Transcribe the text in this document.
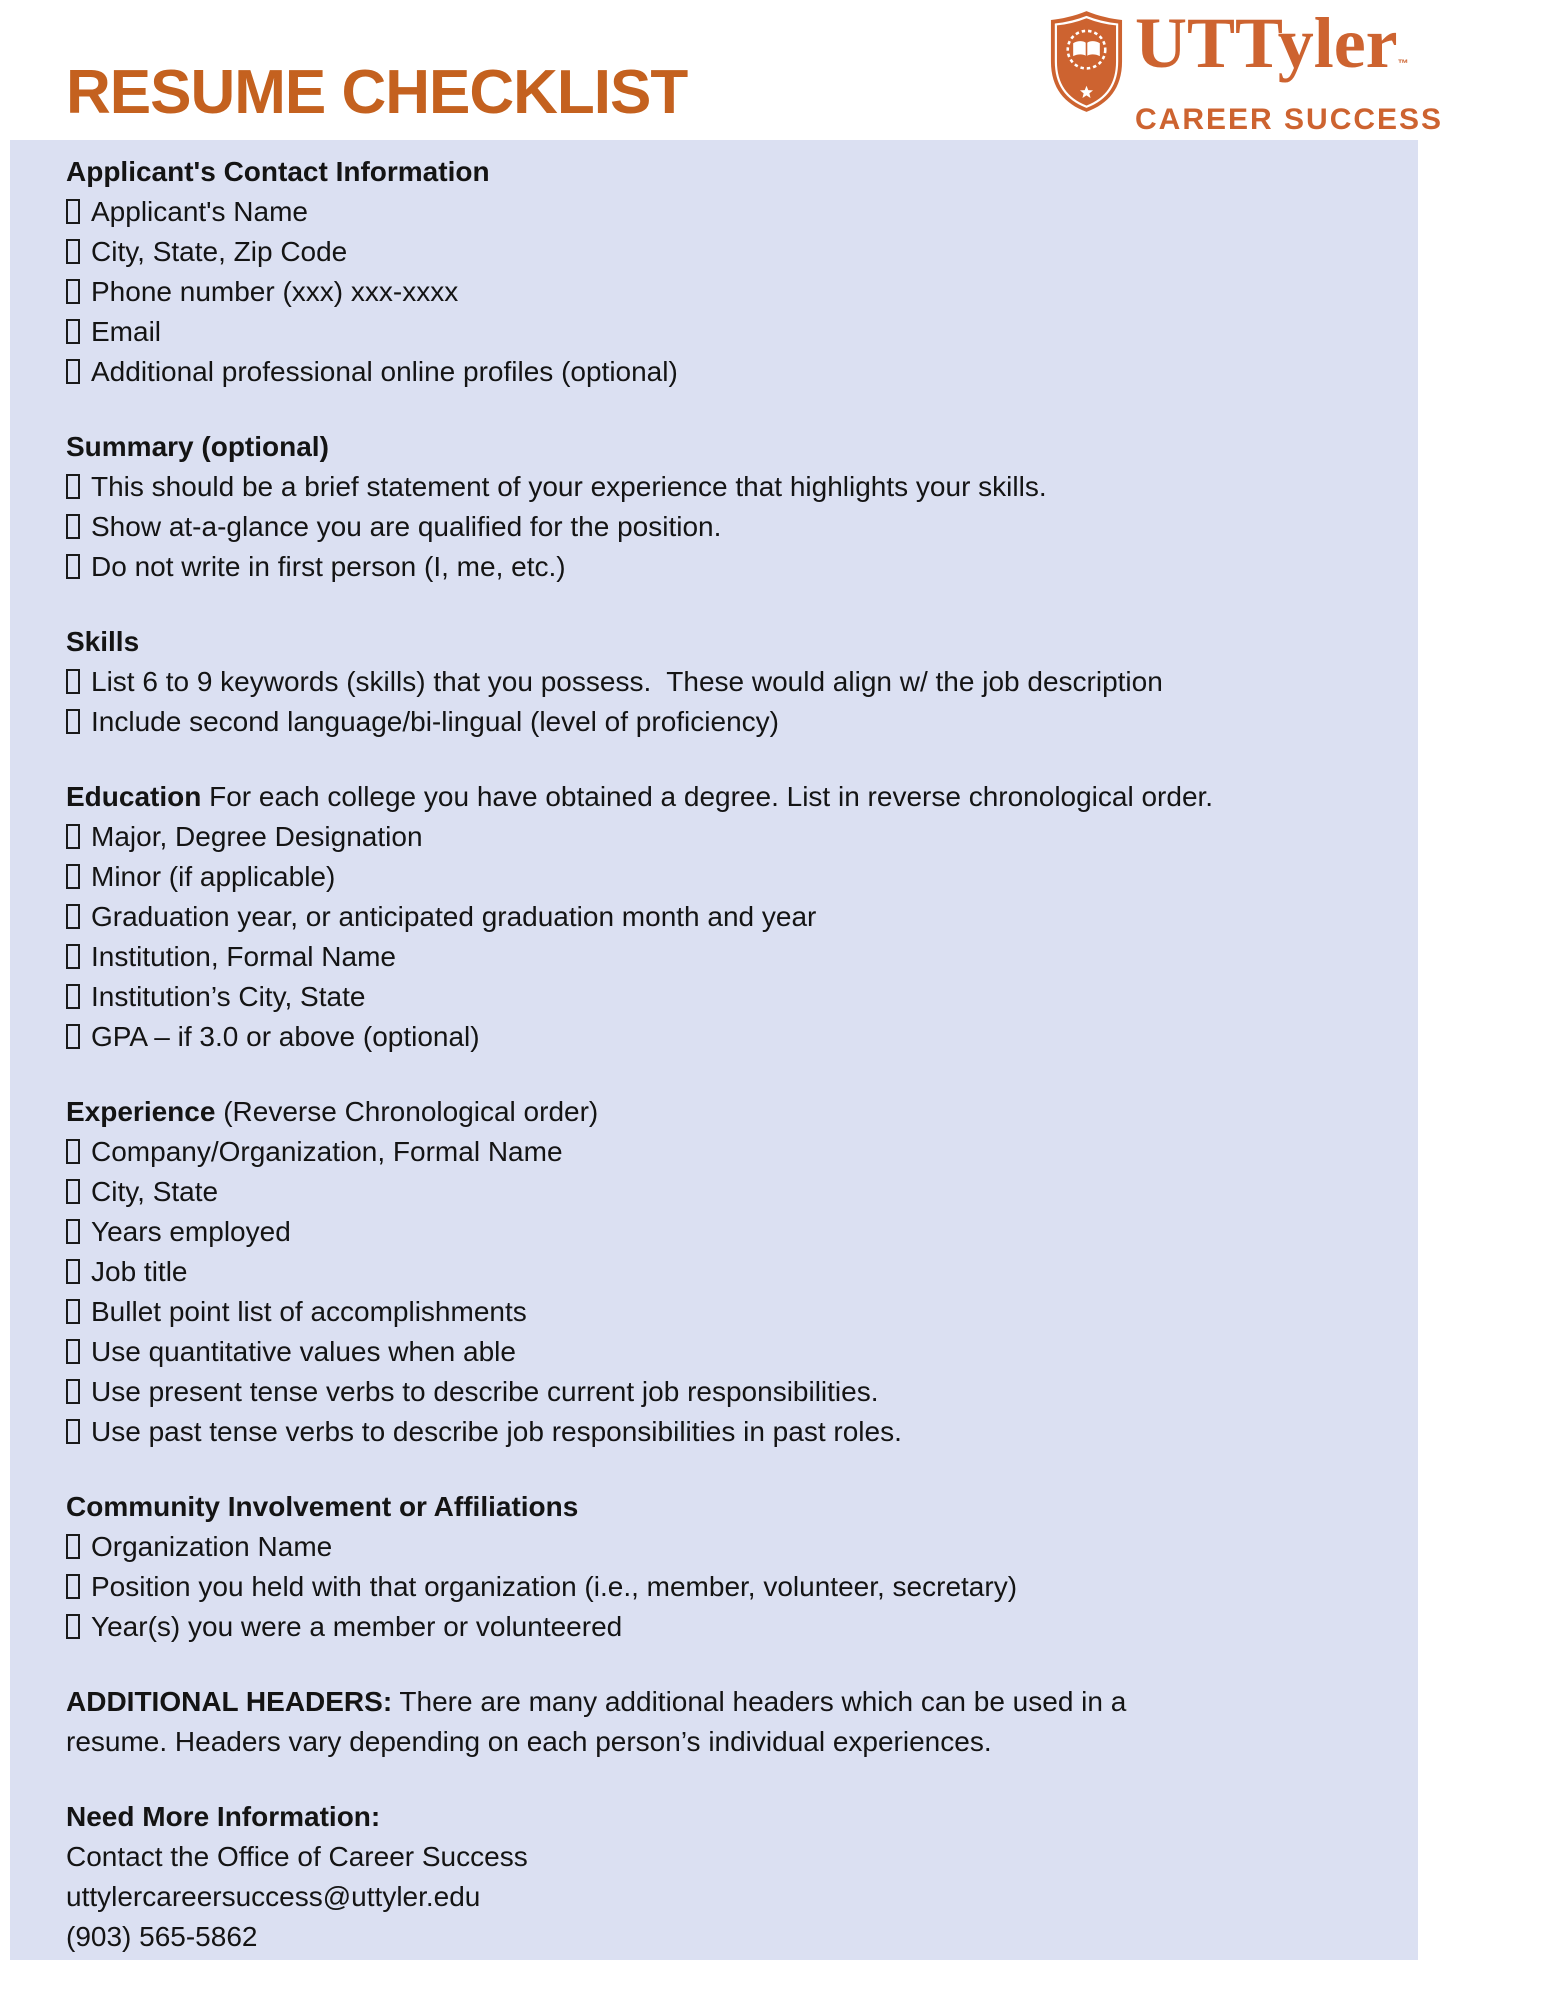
RESUME CHECKLIST
UTTyler™
CAREER SUCCESS
Applicant's Contact Information
Applicant's Name
City, State, Zip Code
Phone number (xxx) xxx-xxxx
Email
Additional professional online profiles (optional)
Summary (optional)
This should be a brief statement of your experience that highlights your skills.
Show at-a-glance you are qualified for the position.
Do not write in first person (I, me, etc.)
Skills
List 6 to 9 keywords (skills) that you possess.  These would align w/ the job description
Include second language/bi-lingual (level of proficiency)
Education For each college you have obtained a degree. List in reverse chronological order.
Major, Degree Designation
Minor (if applicable)
Graduation year, or anticipated graduation month and year
Institution, Formal Name
Institution’s City, State
GPA – if 3.0 or above (optional)
Experience (Reverse Chronological order)
Company/Organization, Formal Name
City, State
Years employed
Job title
Bullet point list of accomplishments
Use quantitative values when able
Use present tense verbs to describe current job responsibilities.
Use past tense verbs to describe job responsibilities in past roles.
Community Involvement or Affiliations
Organization Name
Position you held with that organization (i.e., member, volunteer, secretary)
Year(s) you were a member or volunteered
ADDITIONAL HEADERS: There are many additional headers which can be used in a resume. Headers vary depending on each person’s individual experiences.
Need More Information:
Contact the Office of Career Success
uttylercareersuccess@uttyler.edu
(903) 565-5862
